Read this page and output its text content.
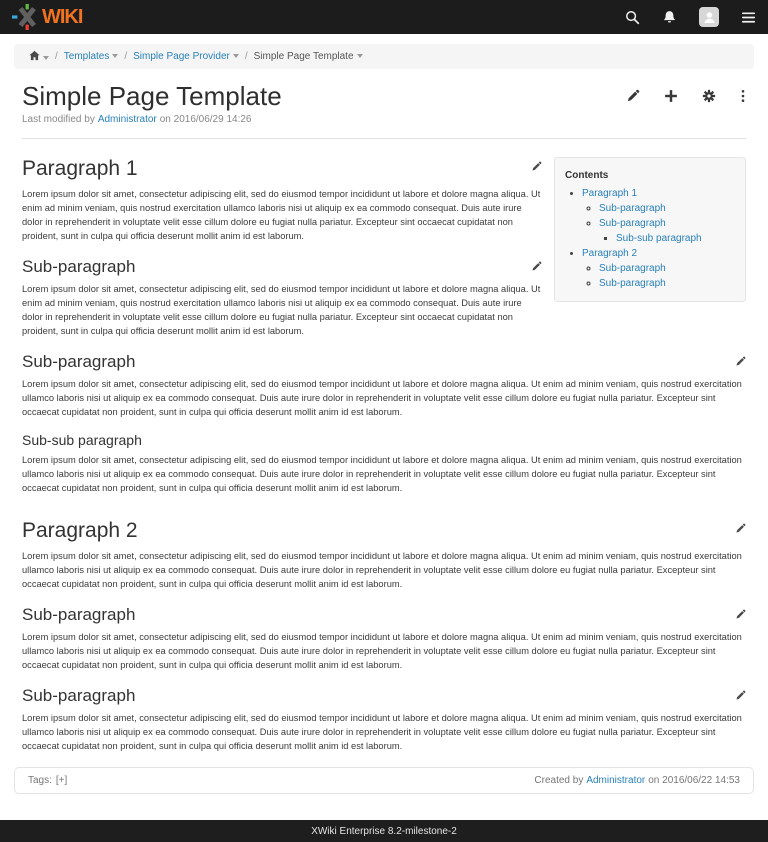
WIKI
/ Templates	/ Simple Page Provider	/ Simple Page Template
Simple Page Template
Last modified by Administrator on 2016/06/29 14:26
Contents
• Paragraph 1
◦ Sub-paragraph
◦ Sub-paragraph
▪ Sub-sub paragraph
• Paragraph 2
◦ Sub-paragraph
◦ Sub-paragraph
Paragraph 1

Lorem ipsum dolor sit amet, consectetur adipiscing elit, sed do eiusmod tempor incididunt ut labore et dolore magna aliqua. Ut enim ad minim veniam, quis nostrud exercitation ullamco laboris nisi ut aliquip ex ea commodo consequat. Duis aute irure dolor in reprehenderit in voluptate velit esse cillum dolore eu fugiat nulla pariatur. Excepteur sint occaecat cupidatat non proident, sunt in culpa qui officia deserunt mollit anim id est laborum.

Sub-paragraph

Lorem ipsum dolor sit amet, consectetur adipiscing elit, sed do eiusmod tempor incididunt ut labore et dolore magna aliqua. Ut enim ad minim veniam, quis nostrud exercitation ullamco laboris nisi ut aliquip ex ea commodo consequat. Duis aute irure dolor in reprehenderit in voluptate velit esse cillum dolore eu fugiat nulla pariatur. Excepteur sint occaecat cupidatat non proident, sunt in culpa qui officia deserunt mollit anim id est laborum.

Sub-paragraph

Lorem ipsum dolor sit amet, consectetur adipiscing elit, sed do eiusmod tempor incididunt ut labore et dolore magna aliqua. Ut enim ad minim veniam, quis nostrud exercitation ullamco laboris nisi ut aliquip ex ea commodo consequat. Duis aute irure dolor in reprehenderit in voluptate velit esse cillum dolore eu fugiat nulla pariatur. Excepteur sint occaecat cupidatat non proident, sunt in culpa qui officia deserunt mollit anim id est laborum.

Sub-sub paragraph

Lorem ipsum dolor sit amet, consectetur adipiscing elit, sed do eiusmod tempor incididunt ut labore et dolore magna aliqua. Ut enim ad minim veniam, quis nostrud exercitation ullamco laboris nisi ut aliquip ex ea commodo consequat. Duis aute irure dolor in reprehenderit in voluptate velit esse cillum dolore eu fugiat nulla pariatur. Excepteur sint occaecat cupidatat non proident, sunt in culpa qui officia deserunt mollit anim id est laborum.

Paragraph 2

Lorem ipsum dolor sit amet, consectetur adipiscing elit, sed do eiusmod tempor incididunt ut labore et dolore magna aliqua. Ut enim ad minim veniam, quis nostrud exercitation ullamco laboris nisi ut aliquip ex ea commodo consequat. Duis aute irure dolor in reprehenderit in voluptate velit esse cillum dolore eu fugiat nulla pariatur. Excepteur sint occaecat cupidatat non proident, sunt in culpa qui officia deserunt mollit anim id est laborum.

Sub-paragraph

Lorem ipsum dolor sit amet, consectetur adipiscing elit, sed do eiusmod tempor incididunt ut labore et dolore magna aliqua. Ut enim ad minim veniam, quis nostrud exercitation ullamco laboris nisi ut aliquip ex ea commodo consequat. Duis aute irure dolor in reprehenderit in voluptate velit esse cillum dolore eu fugiat nulla pariatur. Excepteur sint occaecat cupidatat non proident, sunt in culpa qui officia deserunt mollit anim id est laborum.

Sub-paragraph

Lorem ipsum dolor sit amet, consectetur adipiscing elit, sed do eiusmod tempor incididunt ut labore et dolore magna aliqua. Ut enim ad minim veniam, quis nostrud exercitation ullamco laboris nisi ut aliquip ex ea commodo consequat. Duis aute irure dolor in reprehenderit in voluptate velit esse cillum dolore eu fugiat nulla pariatur. Excepteur sint occaecat cupidatat non proident, sunt in culpa qui officia deserunt mollit anim id est laborum.

Tags: [+]	Created by Administrator on 2016/06/22 14:53
XWiki Enterprise 8.2-milestone-2
